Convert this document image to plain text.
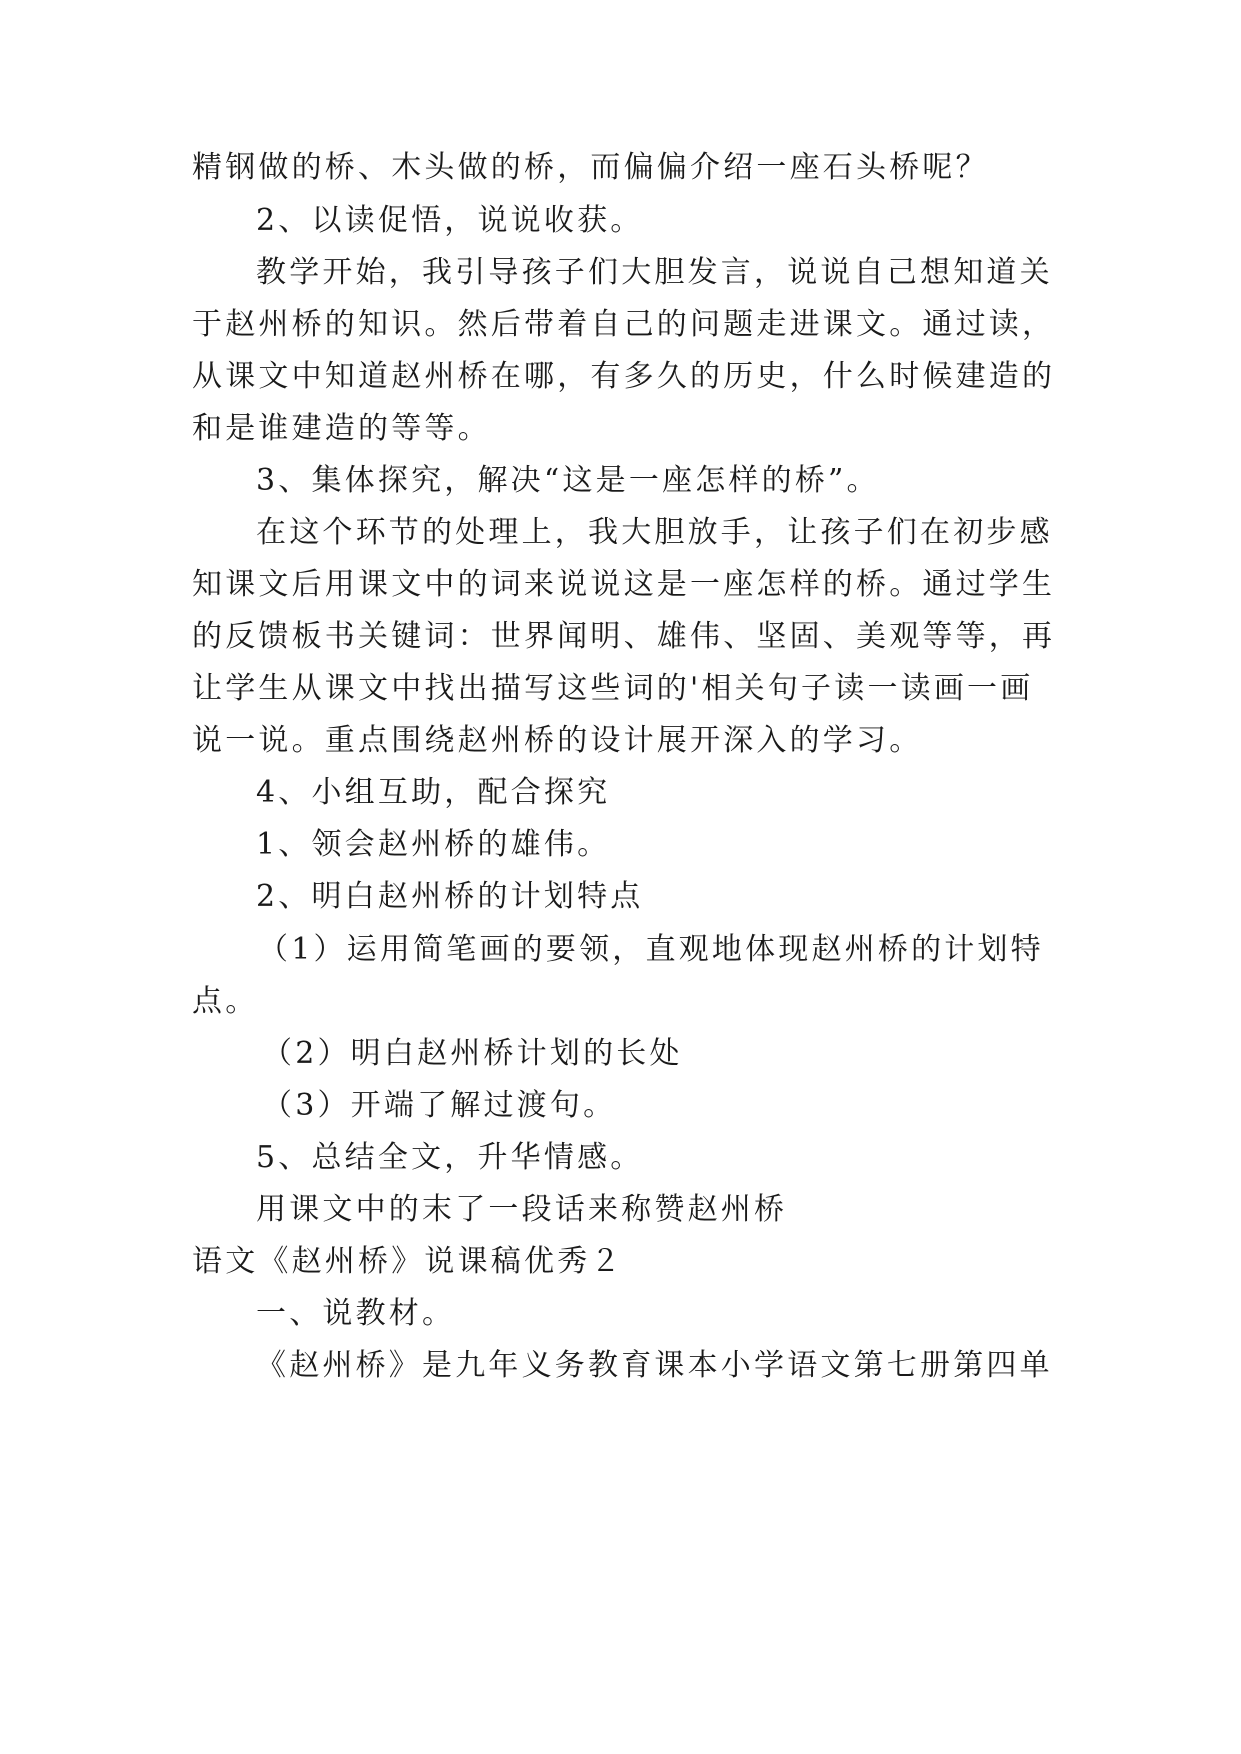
精钢做的桥、木头做的桥，而偏偏介绍一座石头桥呢？
2、以读促悟，说说收获。
教学开始，我引导孩子们大胆发言，说说自己想知道关
于赵州桥的知识。然后带着自己的问题走进课文。通过读，
从课文中知道赵州桥在哪，有多久的历史，什么时候建造的
和是谁建造的等等。
3、集体探究，解决“这是一座怎样的桥”。
在这个环节的处理上，我大胆放手，让孩子们在初步感
知课文后用课文中的词来说说这是一座怎样的桥。通过学生
的反馈板书关键词：世界闻明、雄伟、坚固、美观等等，再
让学生从课文中找出描写这些词的'相关句子读一读画一画
说一说。重点围绕赵州桥的设计展开深入的学习。
4、小组互助，配合探究
1、领会赵州桥的雄伟。
2、明白赵州桥的计划特点
（1）运用简笔画的要领，直观地体现赵州桥的计划特
点。
（2）明白赵州桥计划的长处
（3）开端了解过渡句。
5、总结全文，升华情感。
用课文中的末了一段话来称赞赵州桥
语文《赵州桥》说课稿优秀２
一、说教材。
《赵州桥》是九年义务教育课本小学语文第七册第四单
